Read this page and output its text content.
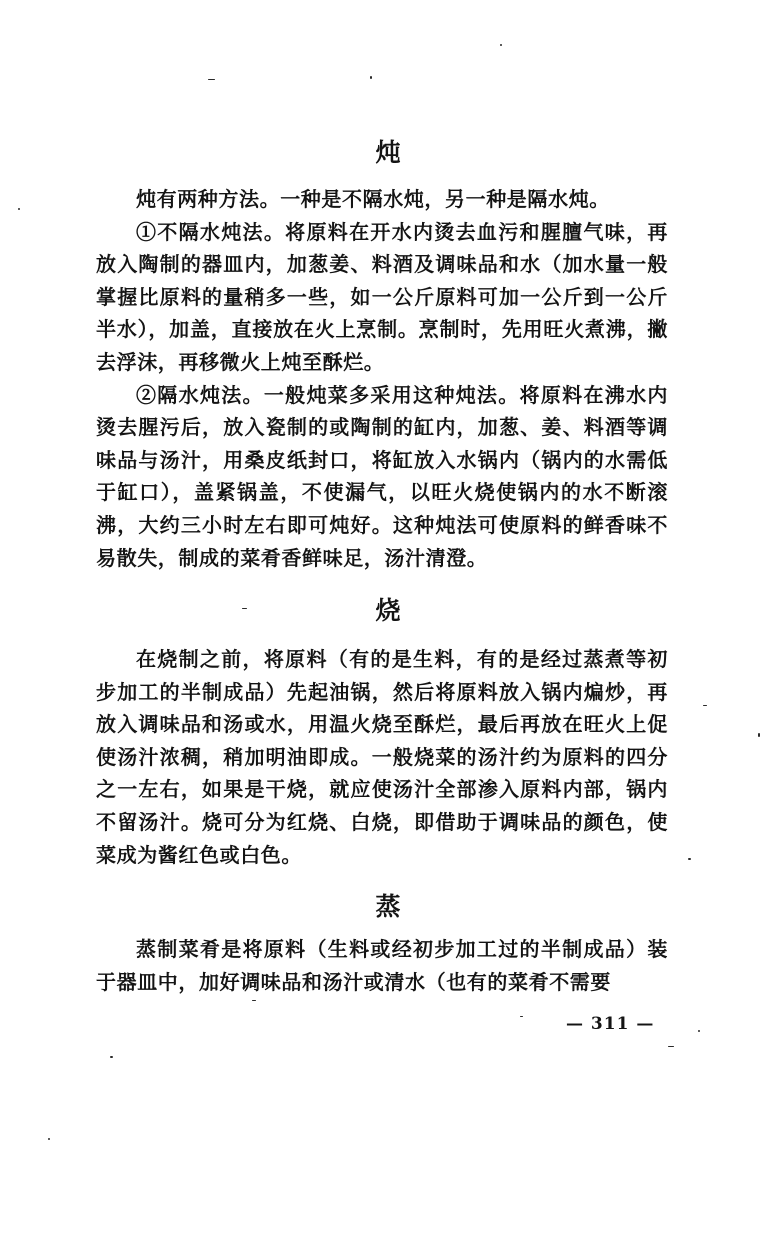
炖

炖有两种方法。一种是不隔水炖，另一种是隔水炖。

①不隔水炖法。将原料在开水内烫去血污和腥膻气味，再放入陶制的器皿内，加葱姜、料酒及调味品和水（加水量一般掌握比原料的量稍多一些，如一公斤原料可加一公斤到一公斤半水），加盖，直接放在火上烹制。烹制时，先用旺火煮沸，撇去浮沫，再移微火上炖至酥烂。

②隔水炖法。一般炖菜多采用这种炖法。将原料在沸水内烫去腥污后，放入瓷制的或陶制的缸内，加葱、姜、料酒等调味品与汤汁，用桑皮纸封口，将缸放入水锅内（锅内的水需低于缸口），盖紧锅盖，不使漏气，以旺火烧使锅内的水不断滚沸，大约三小时左右即可炖好。这种炖法可使原料的鲜香味不易散失，制成的菜肴香鲜味足，汤汁清澄。

烧

在烧制之前，将原料（有的是生料，有的是经过蒸煮等初步加工的半制成品）先起油锅，然后将原料放入锅内煸炒，再放入调味品和汤或水，用温火烧至酥烂，最后再放在旺火上促使汤汁浓稠，稍加明油即成。一般烧菜的汤汁约为原料的四分之一左右，如果是干烧，就应使汤汁全部渗入原料内部，锅内不留汤汁。烧可分为红烧、白烧，即借助于调味品的颜色，使菜成为酱红色或白色。

蒸

蒸制菜肴是将原料（生料或经初步加工过的半制成品）装于器皿中，加好调味品和汤汁或清水（也有的菜肴不需要

— 311 —
